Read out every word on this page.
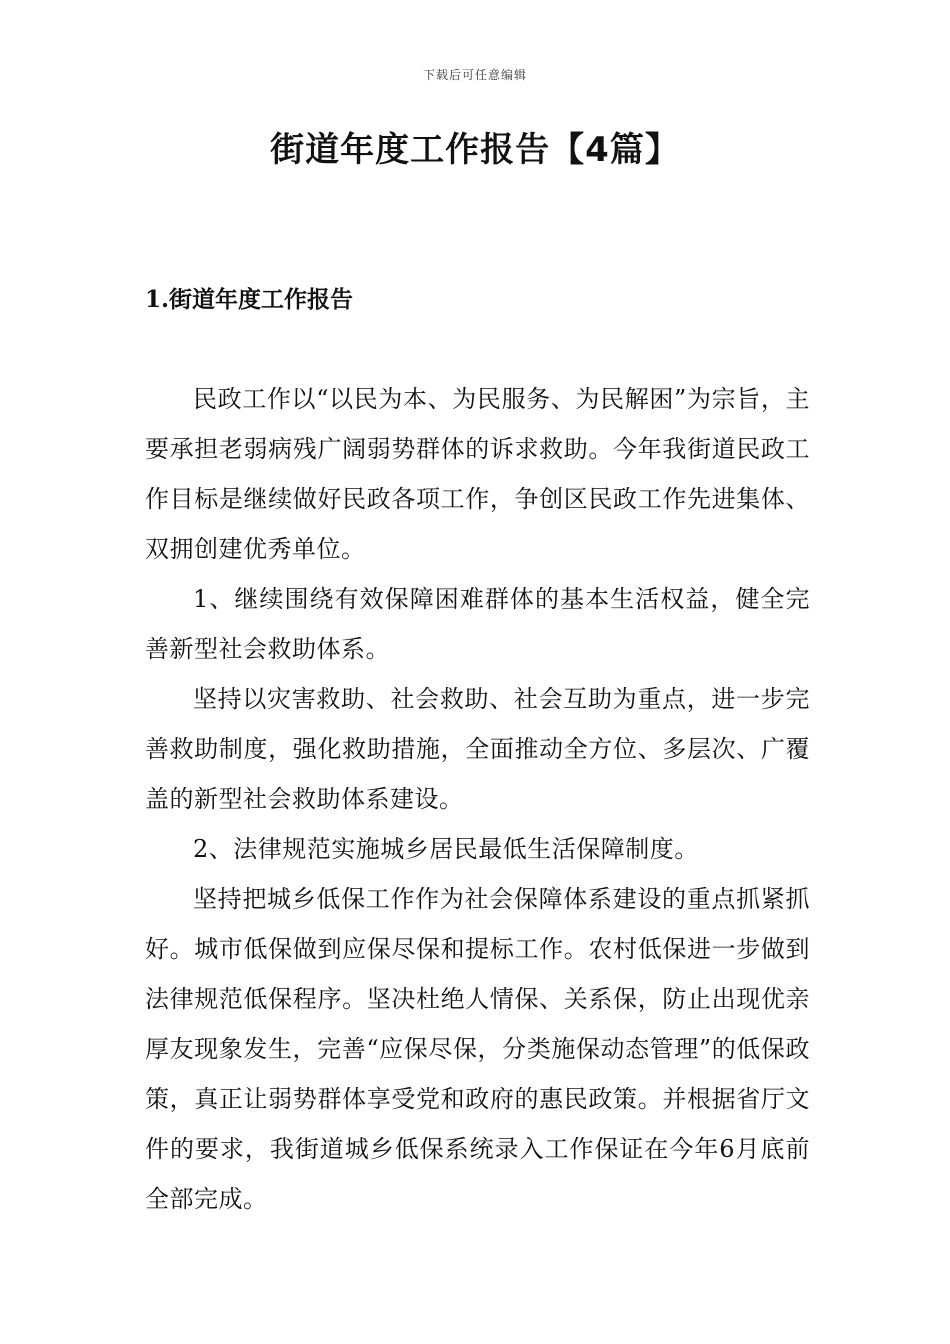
下载后可任意编辑
街道年度工作报告【4篇】
1.街道年度工作报告

民政工作以“以民为本、为民服务、为民解困”为宗旨，主要承担老弱病残广阔弱势群体的诉求救助。今年我街道民政工作目标是继续做好民政各项工作，争创区民政工作先进集体、双拥创建优秀单位。

1、继续围绕有效保障困难群体的基本生活权益，健全完善新型社会救助体系。

坚持以灾害救助、社会救助、社会互助为重点，进一步完善救助制度，强化救助措施，全面推动全方位、多层次、广覆盖的新型社会救助体系建设。

2、法律规范实施城乡居民最低生活保障制度。

坚持把城乡低保工作作为社会保障体系建设的重点抓紧抓好。城市低保做到应保尽保和提标工作。农村低保进一步做到法律规范低保程序。坚决杜绝人情保、关系保，防止出现优亲厚友现象发生，完善“应保尽保，分类施保动态管理”的低保政策，真正让弱势群体享受党和政府的惠民政策。并根据省厅文件的要求，我街道城乡低保系统录入工作保证在今年6月底前全部完成。
